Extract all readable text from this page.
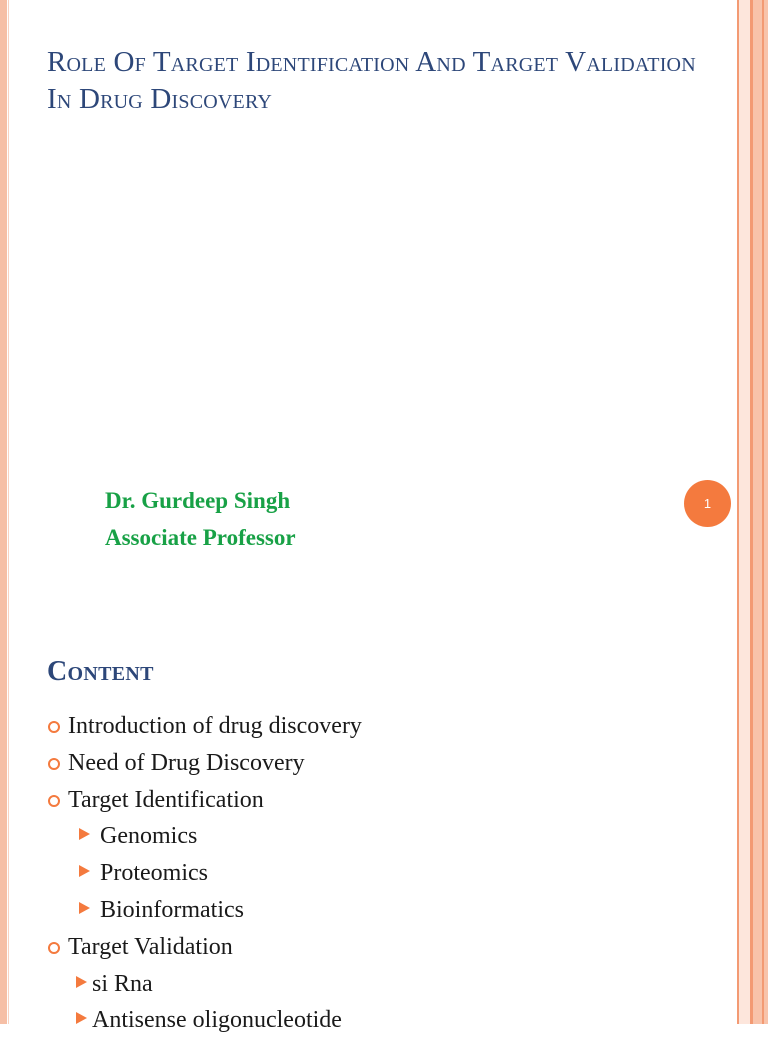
Role Of Target Identification And Target Validation In Drug Discovery
Dr. Gurdeep Singh
Associate Professor
1
Content
Introduction of drug discovery
Need of Drug Discovery
Target Identification
Genomics
Proteomics
Bioinformatics
Target Validation
si Rna
Antisense oligonucleotide
